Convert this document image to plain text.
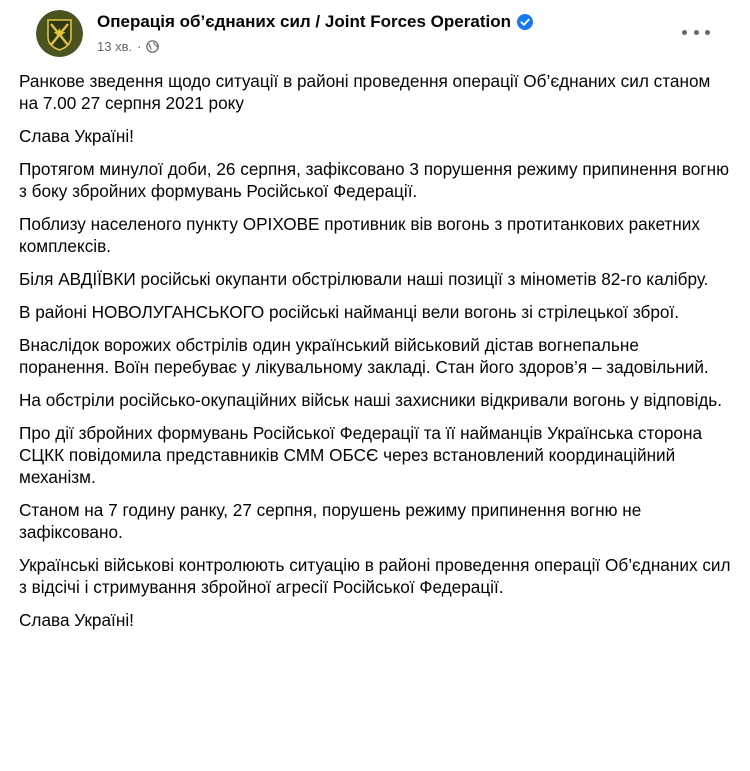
Операція об’єднаних сил / Joint Forces Operation
13 хв. ·

Ранкове зведення щодо ситуації в районі проведення операції Об’єднаних сил станом на 7.00 27 серпня 2021 року

Слава Україні!

Протягом минулої доби, 26 серпня, зафіксовано 3 порушення режиму припинення вогню з боку збройних формувань Російської Федерації.

Поблизу населеного пункту ОРІХОВЕ противник вів вогонь з протитанкових ракетних комплексів.

Біля АВДІЇВКИ російські окупанти обстрілювали наші позиції з мінометів 82-го калібру.

В районі НОВОЛУГАНСЬКОГО російські найманці вели вогонь зі стрілецької зброї.

Внаслідок ворожих обстрілів один український військовий дістав вогнепальне поранення. Воїн перебуває у лікувальному закладі. Стан його здоров’я – задовільний.

На обстріли російсько-окупаційних військ наші захисники відкривали вогонь у відповідь.

Про дії збройних формувань Російської Федерації та її найманців Українська сторона СЦКК повідомила представників СММ ОБСЄ через встановлений координаційний механізм.

Станом на 7 годину ранку, 27 серпня, порушень режиму припинення вогню не зафіксовано.

Українські військові контролюють ситуацію в районі проведення операції Об’єднаних сил з відсічі і стримування збройної агресії Російської Федерації.

Слава Україні!
